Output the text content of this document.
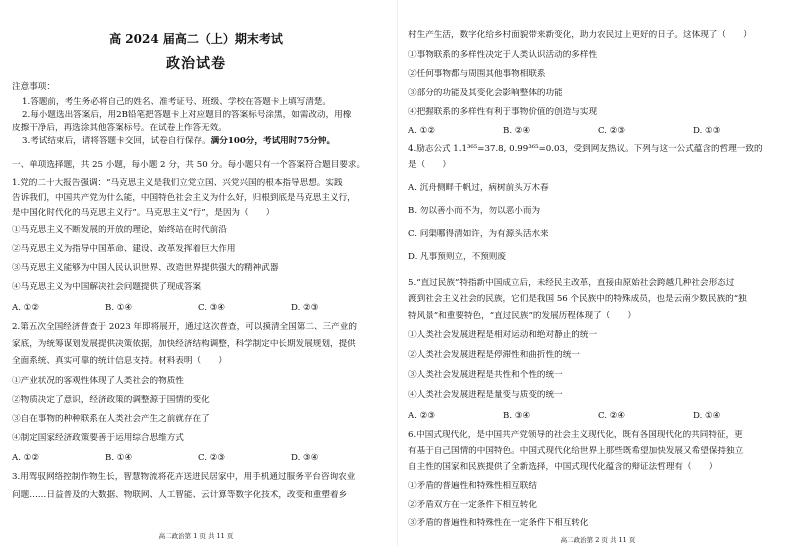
高 2024 届高二（上）期末考试
政治试卷
注意事项：
1.答题前，考生务必将自己的姓名、准考证号、班级、学校在答题卡上填写清楚。
2.每小题选出答案后，用2B铅笔把答题卡上对应题目的答案标号涂黑，如需改动，用橡
皮擦干净后，再选涂其他答案标号。在试卷上作答无效。
3.考试结束后，请将答题卡交回，试卷自行保存。满分100分，考试用时75分钟。
一、单项选择题，共 25 小题，每小题 2 分，共 50 分。每小题只有一个答案符合题目要求。
1.党的二十大报告强调：“马克思主义是我们立党立国、兴党兴国的根本指导思想。实践
告诉我们，中国共产党为什么能，中国特色社会主义为什么好，归根到底是马克思主义行，
是中国化时代化的马克思主义行”。马克思主义“行”，是因为（　　）
①马克思主义不断发展的开放的理论，始终站在时代前沿
②马克思主义为指导中国革命、建设、改革发挥着巨大作用
③马克思主义能够为中国人民认识世界、改造世界提供强大的精神武器
④马克思主义为中国解决社会问题提供了现成答案
A. ①②	B. ①④	C. ③④	D. ②③
2.第五次全国经济普查于 2023 年即将展开，通过这次普查，可以摸清全国第二、三产业的
家底，为统筹谋划发展提供决策依据，加快经济结构调整，科学制定中长期发展规划，提供
全面系统、真实可靠的统计信息支持。材料表明（　　）
①产业状况的客观性体现了人类社会的物质性
②物质决定了意识，经济政策的调整源于国情的变化
③自在事物的种种联系在人类社会产生之前就存在了
④制定国家经济政策要善于运用综合思维方式
A. ①②	B. ①④	C. ②③	D. ③④
3.用驾驭网络控制作物生长，智慧物流将花卉送进民居家中，用手机通过服务平台咨询农业
问题……日益普及的大数据、物联网、人工智能、云计算等数字化技术，改变和重塑着乡
高二政治第 1 页 共 11 页
村生产生活，数字化给乡村面貌带来新变化，助力农民过上更好的日子。这体现了（　　）
①事物联系的多样性决定于人类认识活动的多样性
②任何事物都与周围其他事物相联系
③部分的功能及其变化会影响整体的功能
④把握联系的多样性有利于事物价值的创造与实现
A. ①②	B. ②④	C. ②③	D. ①③
4.励志公式 1.1³⁶⁵=37.8, 0.99³⁶⁵=0.03，受到网友热议。下列与这一公式蕴含的哲理一致的
是（　　）
A. 沉舟侧畔千帆过，病树前头万木春
B. 勿以善小而不为，勿以恶小而为
C. 问渠哪得清如许，为有源头活水来
D. 凡事预则立，不预则废
5.“直过民族”特指新中国成立后，未经民主改革，直接由原始社会跨越几种社会形态过
渡到社会主义社会的民族，它们是我国 56 个民族中的特殊成员，也是云南少数民族的“独
特风景”和重要特色，“直过民族”的发展历程体现了（　　）
①人类社会发展进程是相对运动和绝对静止的统一
②人类社会发展进程是停滞性和曲折性的统一
③人类社会发展进程是共性和个性的统一
④人类社会发展进程是量变与质变的统一
A. ②③	B. ③④	C. ②④	D. ①④
6.中国式现代化，是中国共产党领导的社会主义现代化，既有各国现代化的共同特征，更
有基于自己国情的中国特色。中国式现代化给世界上那些既希望加快发展又希望保持独立
自主性的国家和民族提供了全新选择，中国式现代化蕴含的辩证法哲理有（　　）
①矛盾的普遍性和特殊性相互联结
②矛盾双方在一定条件下相互转化
③矛盾的普遍性和特殊性在一定条件下相互转化
高二政治第 2 页 共 11 页
